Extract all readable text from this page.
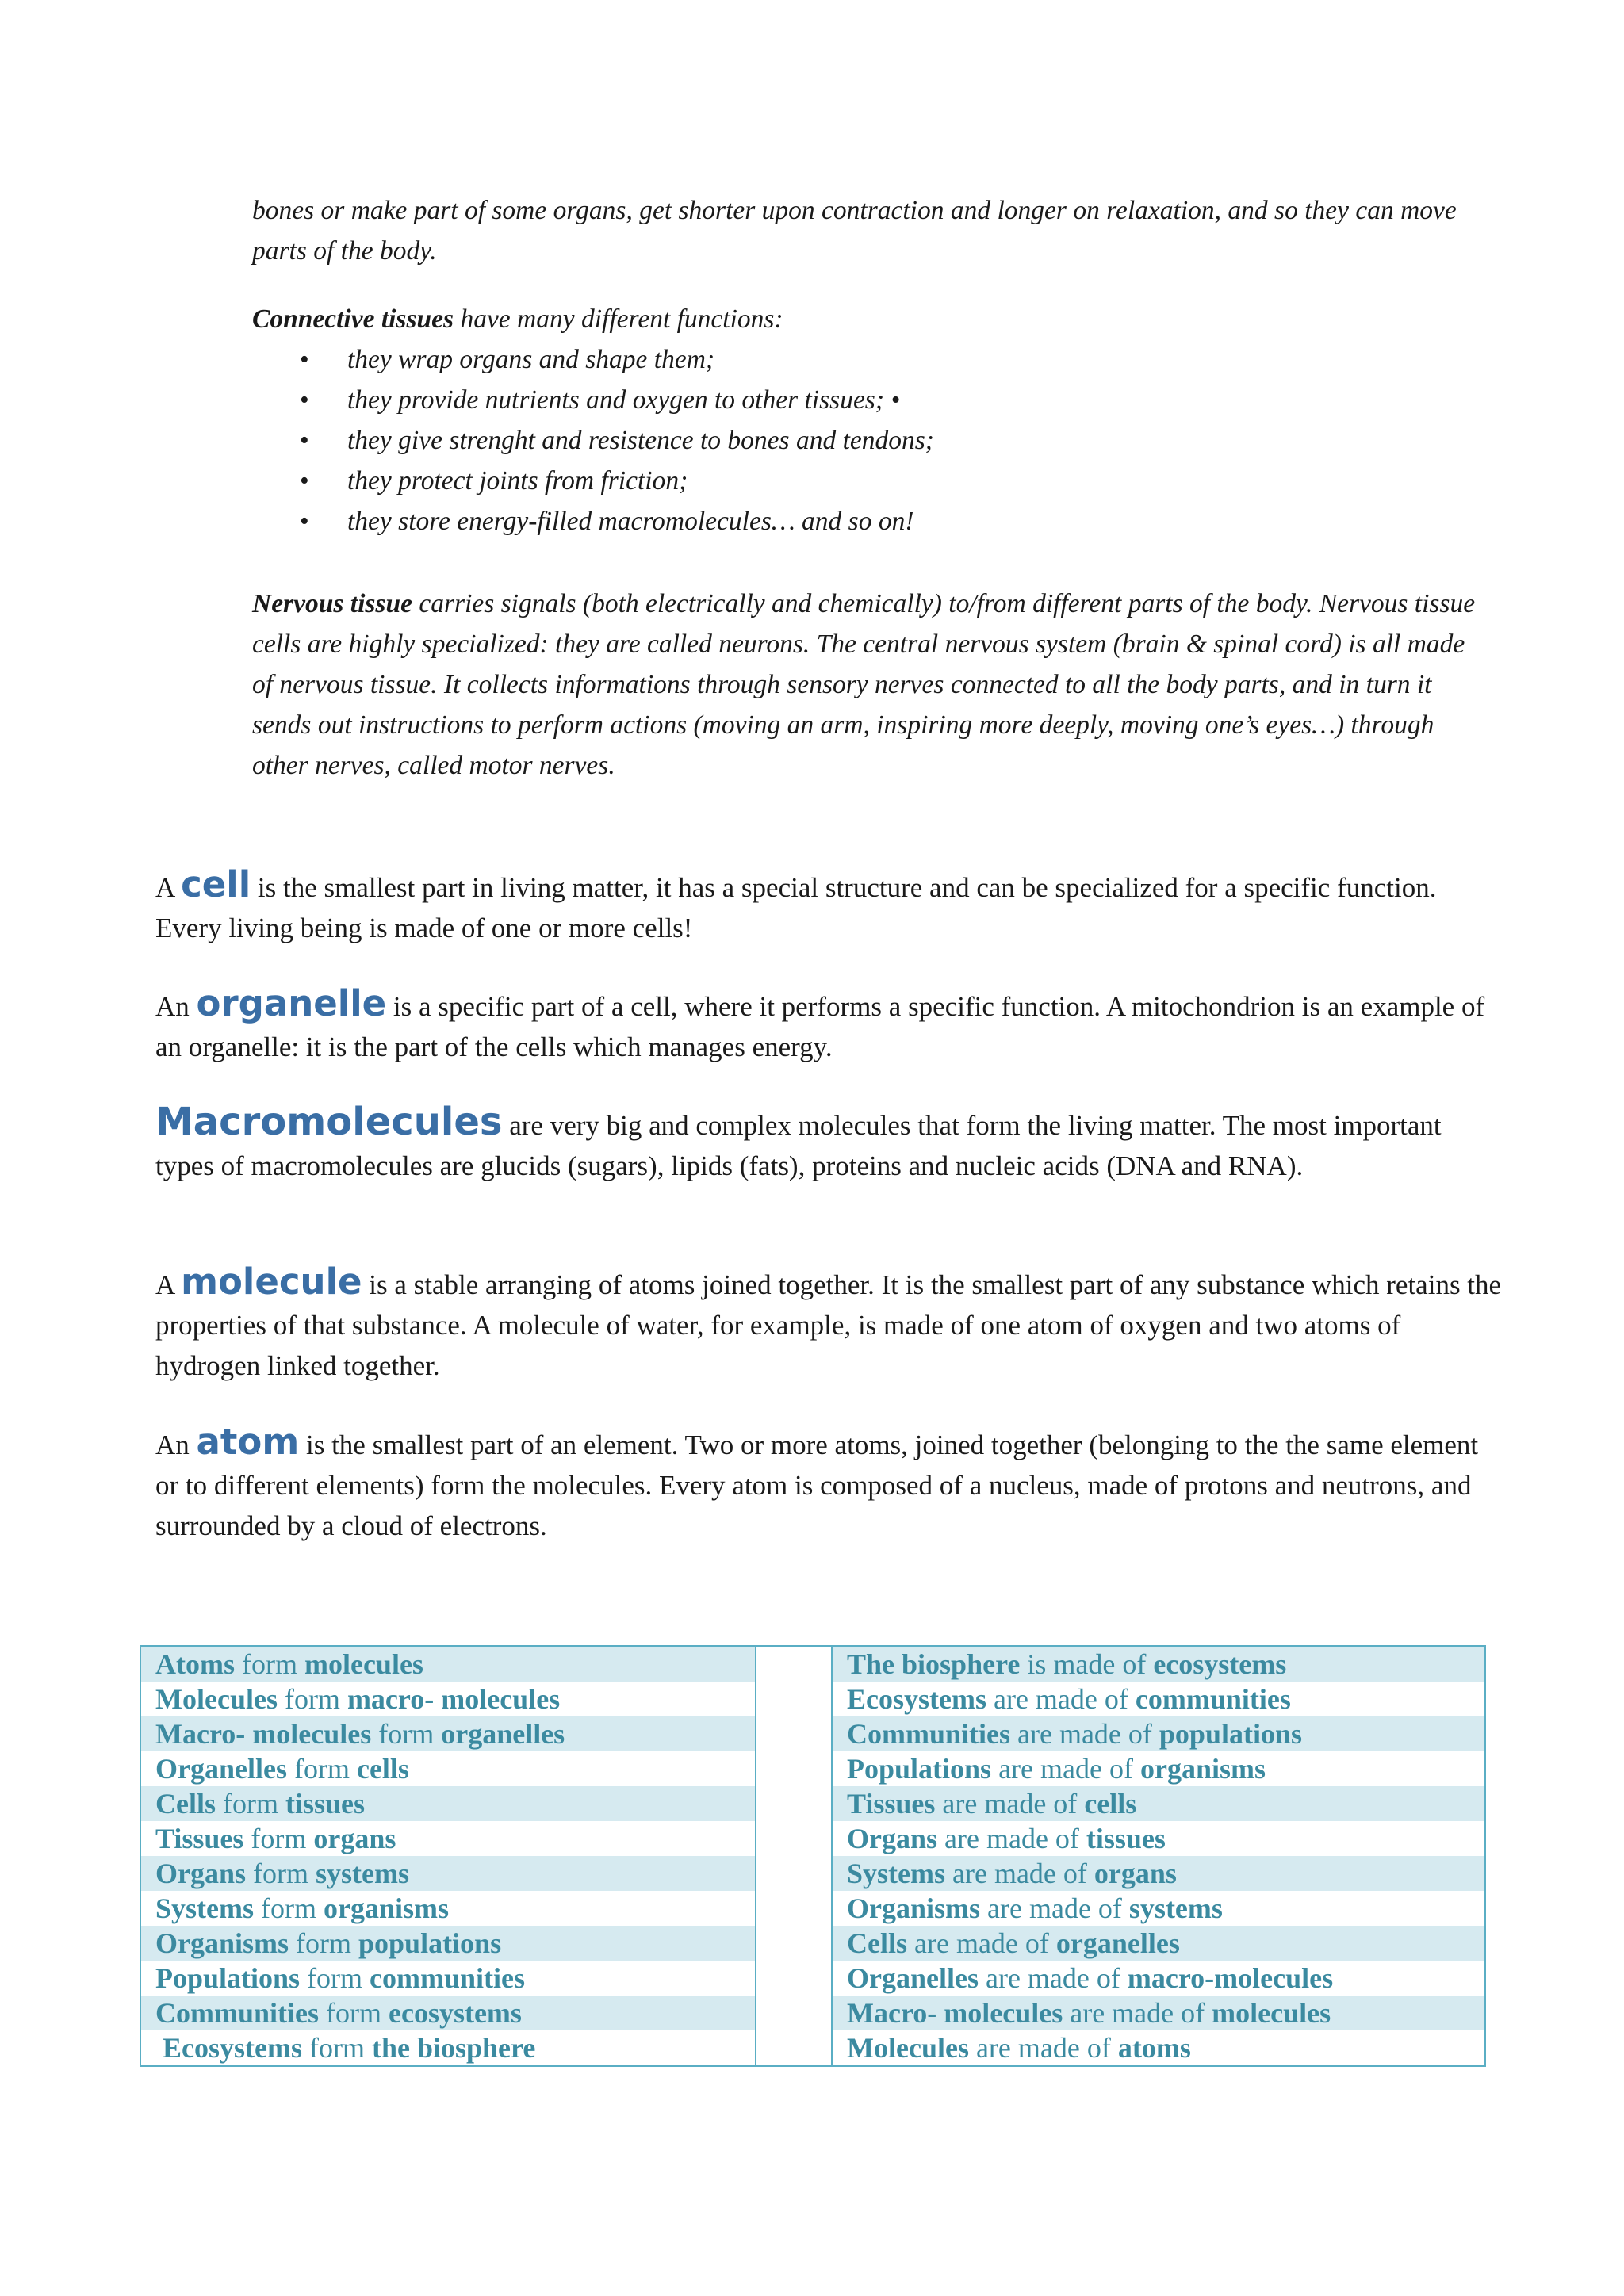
bones or make part of some organs, get shorter upon contraction and longer on relaxation, and so they can move parts of the body.

Connective tissues have many different functions:

• they wrap organs and shape them;
• they provide nutrients and oxygen to other tissues; •
• they give strenght and resistence to bones and tendons;
• they protect joints from friction;
• they store energy-filled macromolecules… and so on!

Nervous tissue carries signals (both electrically and chemically) to/from different parts of the body. Nervous tissue cells are highly specialized: they are called neurons. The central nervous system (brain & spinal cord) is all made of nervous tissue. It collects informations through sensory nerves connected to all the body parts, and in turn it sends out instructions to perform actions (moving an arm, inspiring more deeply, moving one’s eyes…) through other nerves, called motor nerves.

A cell is the smallest part in living matter, it has a special structure and can be specialized for a specific function. Every living being is made of one or more cells!

An organelle is a specific part of a cell, where it performs a specific function. A mitochondrion is an example of an organelle: it is the part of the cells which manages energy.

Macromolecules are very big and complex molecules that form the living matter. The most important types of macromolecules are glucids (sugars), lipids (fats), proteins and nucleic acids (DNA and RNA).

A molecule is a stable arranging of atoms joined together. It is the smallest part of any substance which retains the properties of that substance. A molecule of water, for example, is made of one atom of oxygen and two atoms of hydrogen linked together.

An atom is the smallest part of an element. Two or more atoms, joined together (belonging to the the same element or to different elements) form the molecules. Every atom is composed of a nucleus, made of protons and neutrons, and surrounded by a cloud of electrons.

Atoms form molecules		The biosphere is made of ecosystems
Molecules form macro- molecules		Ecosystems are made of communities
Macro- molecules form organelles		Communities are made of populations
Organelles form cells		Populations are made of organisms
Cells form tissues		Tissues are made of cells
Tissues form organs		Organs are made of tissues
Organs form systems		Systems are made of organs
Systems form organisms		Organisms are made of systems
Organisms form populations		Cells are made of organelles
Populations form communities		Organelles are made of macro-molecules
Communities form ecosystems		Macro- molecules are made of molecules
Ecosystems form the biosphere		Molecules are made of atoms
